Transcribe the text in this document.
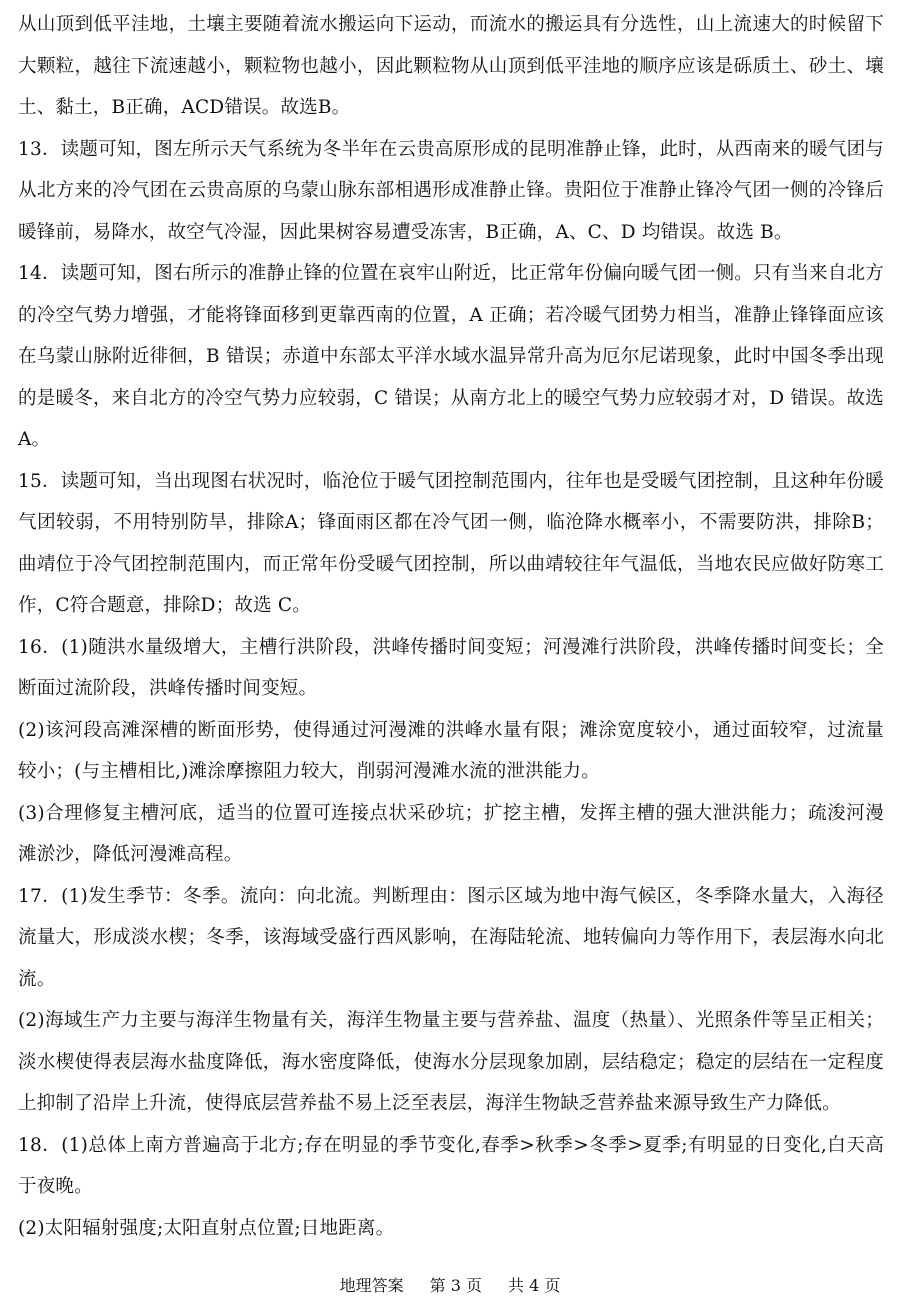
从山顶到低平洼地，土壤主要随着流水搬运向下运动，而流水的搬运具有分选性，山上流速大的时候留下大颗粒，越往下流速越小，颗粒物也越小，因此颗粒物从山顶到低平洼地的顺序应该是砾质土、砂土、壤土、黏土，B正确，ACD错误。故选B。

13．读题可知，图左所示天气系统为冬半年在云贵高原形成的昆明准静止锋，此时，从西南来的暖气团与从北方来的冷气团在云贵高原的乌蒙山脉东部相遇形成准静止锋。贵阳位于准静止锋冷气团一侧的冷锋后暖锋前，易降水，故空气冷湿，因此果树容易遭受冻害，B正确，A、C、D 均错误。故选 B。

14．读题可知，图右所示的准静止锋的位置在哀牢山附近，比正常年份偏向暖气团一侧。只有当来自北方的冷空气势力增强，才能将锋面移到更靠西南的位置，A 正确；若冷暖气团势力相当，准静止锋锋面应该在乌蒙山脉附近徘徊，B 错误；赤道中东部太平洋水域水温异常升高为厄尔尼诺现象，此时中国冬季出现的是暖冬，来自北方的冷空气势力应较弱，C 错误；从南方北上的暖空气势力应较弱才对，D 错误。故选A。

15．读题可知，当出现图右状况时，临沧位于暖气团控制范围内，往年也是受暖气团控制，且这种年份暖气团较弱，不用特别防旱，排除A；锋面雨区都在冷气团一侧，临沧降水概率小，不需要防洪，排除B；曲靖位于冷气团控制范围内，而正常年份受暖气团控制，所以曲靖较往年气温低，当地农民应做好防寒工作，C符合题意，排除D；故选 C。

16．(1)随洪水量级增大，主槽行洪阶段，洪峰传播时间变短；河漫滩行洪阶段，洪峰传播时间变长；全断面过流阶段，洪峰传播时间变短。

(2)该河段高滩深槽的断面形势，使得通过河漫滩的洪峰水量有限；滩涂宽度较小，通过面较窄，过流量较小；(与主槽相比,)滩涂摩擦阻力较大，削弱河漫滩水流的泄洪能力。

(3)合理修复主槽河底，适当的位置可连接点状采砂坑；扩挖主槽，发挥主槽的强大泄洪能力；疏浚河漫滩淤沙，降低河漫滩高程。

17．(1)发生季节：冬季。流向：向北流。判断理由：图示区域为地中海气候区，冬季降水量大，入海径流量大，形成淡水楔；冬季，该海域受盛行西风影响，在海陆轮流、地转偏向力等作用下，表层海水向北流。

(2)海域生产力主要与海洋生物量有关，海洋生物量主要与营养盐、温度（热量）、光照条件等呈正相关；淡水楔使得表层海水盐度降低，海水密度降低，使海水分层现象加剧，层结稳定；稳定的层结在一定程度上抑制了沿岸上升流，使得底层营养盐不易上泛至表层，海洋生物缺乏营养盐来源导致生产力降低。

18．(1)总体上南方普遍高于北方;存在明显的季节变化,春季>秋季>冬季>夏季;有明显的日变化,白天高于夜晚。

(2)太阳辐射强度;太阳直射点位置;日地距离。

地理答案 第 3 页 共 4 页
